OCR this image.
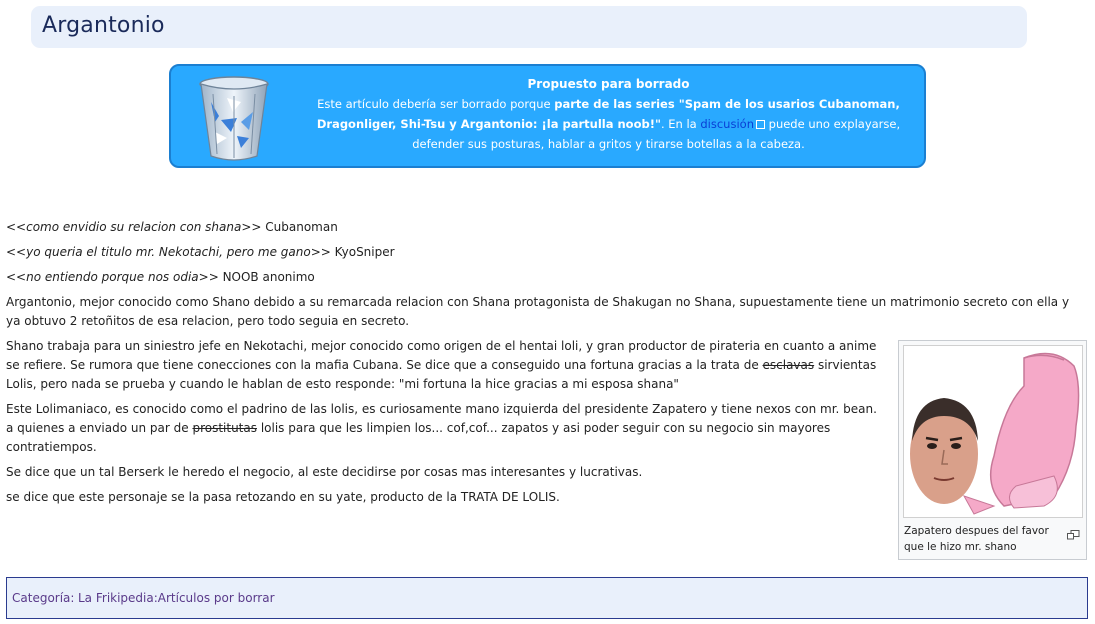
Argantonio
Propuesto para borrado
Este artículo debería ser borrado porque parte de las series "Spam de los usarios Cubanoman, Dragonliger, Shi-Tsu y Argantonio: ¡la partulla noob!". En la discusión puede uno explayarse, defender sus posturas, hablar a gritos y tirarse botellas a la cabeza.

<<como envidio su relacion con shana>> Cubanoman

<<yo queria el titulo mr. Nekotachi, pero me gano>> KyoSniper

<<no entiendo porque nos odia>> NOOB anonimo

Argantonio, mejor conocido como Shano debido a su remarcada relacion con Shana protagonista de Shakugan no Shana, supuestamente tiene un matrimonio secreto con ella y ya obtuvo 2 retoñitos de esa relacion, pero todo seguia en secreto.

Shano trabaja para un siniestro jefe en Nekotachi, mejor conocido como origen de el hentai loli, y gran productor de pirateria en cuanto a anime se refiere. Se rumora que tiene conecciones con la mafia Cubana. Se dice que a conseguido una fortuna gracias a la trata de esclavas sirvientas Lolis, pero nada se prueba y cuando le hablan de esto responde: "mi fortuna la hice gracias a mi esposa shana"

Este Lolimaniaco, es conocido como el padrino de las lolis, es curiosamente mano izquierda del presidente Zapatero y tiene nexos con mr. bean. a quienes a enviado un par de prostitutas lolis para que les limpien los... cof,cof... zapatos y asi poder seguir con su negocio sin mayores contratiempos.

Se dice que un tal Berserk le heredo el negocio, al este decidirse por cosas mas interesantes y lucrativas.

se dice que este personaje se la pasa retozando en su yate, producto de la TRATA DE LOLIS.

Zapatero despues del favor que le hizo mr. shano
Categoría: La Frikipedia:Artículos por borrar
